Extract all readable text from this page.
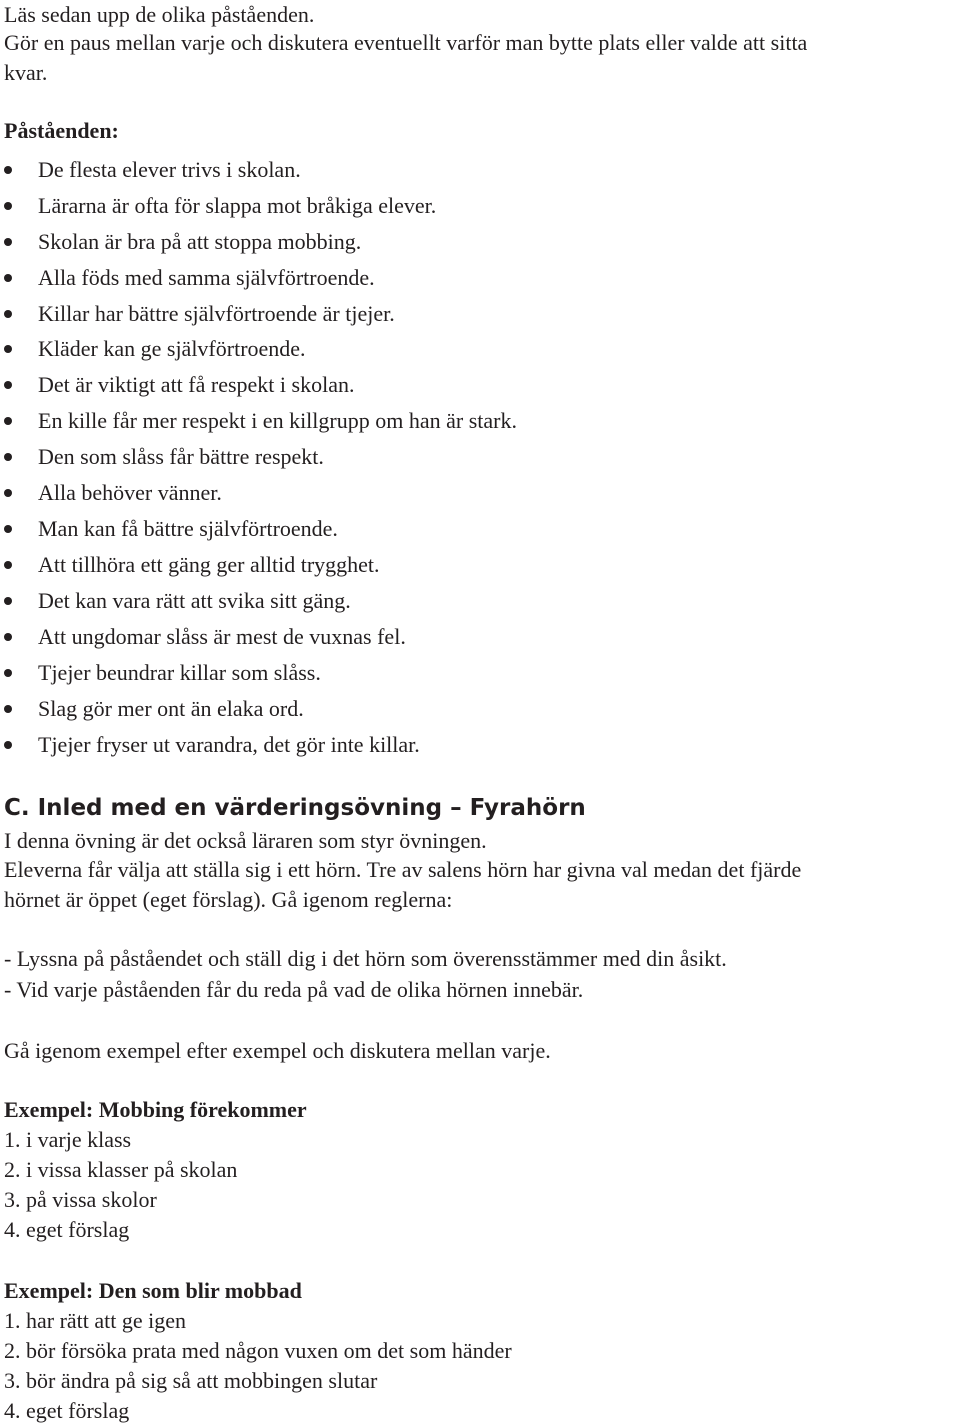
Läs sedan upp de olika påståenden.
Gör en paus mellan varje och diskutera eventuellt varför man bytte plats eller valde att sitta
kvar.
Påståenden:
De flesta elever trivs i skolan.
Lärarna är ofta för slappa mot bråkiga elever.
Skolan är bra på att stoppa mobbing.
Alla föds med samma självförtroende.
Killar har bättre självförtroende är tjejer.
Kläder kan ge självförtroende.
Det är viktigt att få respekt i skolan.
En kille får mer respekt i en killgrupp om han är stark.
Den som slåss får bättre respekt.
Alla behöver vänner.
Man kan få bättre självförtroende.
Att tillhöra ett gäng ger alltid trygghet.
Det kan vara rätt att svika sitt gäng.
Att ungdomar slåss är mest de vuxnas fel.
Tjejer beundrar killar som slåss.
Slag gör mer ont än elaka ord.
Tjejer fryser ut varandra, det gör inte killar.
C. Inled med en värderingsövning – Fyrahörn
I denna övning är det också läraren som styr övningen.
Eleverna får välja att ställa sig i ett hörn. Tre av salens hörn har givna val medan det fjärde
hörnet är öppet (eget förslag). Gå igenom reglerna:
- Lyssna på påståendet och ställ dig i det hörn som överensstämmer med din åsikt.
- Vid varje påståenden får du reda på vad de olika hörnen innebär.
Gå igenom exempel efter exempel och diskutera mellan varje.
Exempel: Mobbing förekommer
1. i varje klass
2. i vissa klasser på skolan
3. på vissa skolor
4. eget förslag
Exempel: Den som blir mobbad
1. har rätt att ge igen
2. bör försöka prata med någon vuxen om det som händer
3. bör ändra på sig så att mobbingen slutar
4. eget förslag
